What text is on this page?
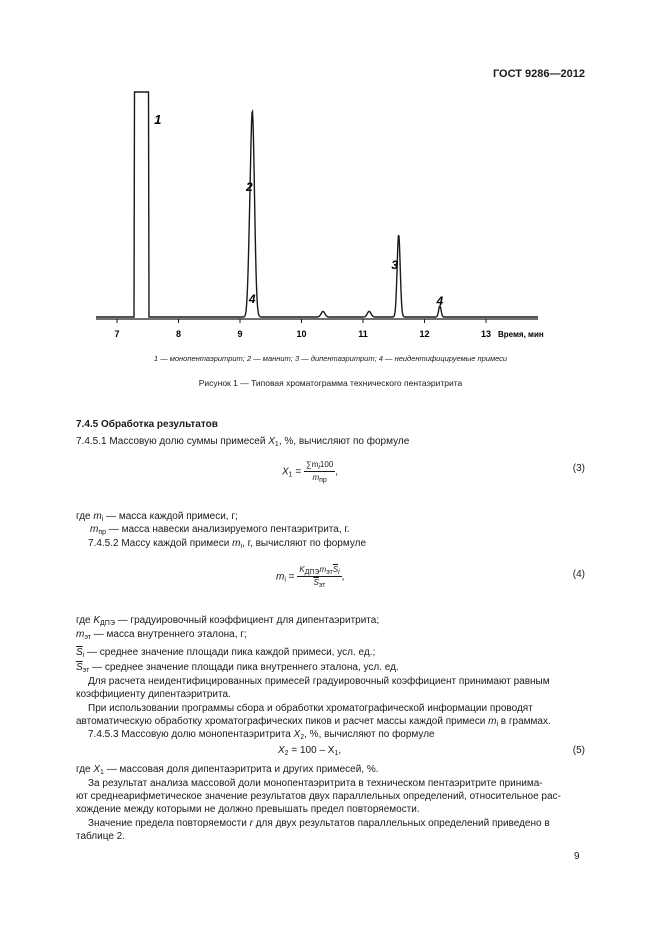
ГОСТ 9286—2012
7	8	9	10	11	12	13
1
4
2
3
4
Время, мин
1 — монопентаэритрит; 2 — маннит; 3 — дипентаэритрит; 4 — неидентифицируемые примеси
Рисунок 1 — Типовая хроматограмма технического пентаэритрита
7.4.5 Обработка результатов
7.4.5.1 Массовую долю суммы примесей $X_1$, %, вычисляют по формуле
$X_1 = \frac{\sum mi100}{\text{mпр}}$ ,	(3)
где $m_i$ — масса каждой примеси, г;
$m_{пр}$ — масса навески анализируемого пентаэритрита, г.
7.4.5.2 Массу каждой примеси $m_i$, г, вычисляют по формуле
$m_i = \frac{KДПЭmэт\overline{S}i}{\overline{S}эт}$ ,	(4)
где $K_{ДПЭ}$ — градуировочный коэффициент для дипентаэритрита;
$m_{эт}$ — масса внутреннего эталона, г;
$\overline{S}_i$ — среднее значение площади пика каждой примеси, усл. ед.;
$\overline{S}_{эт}$ — среднее значение площади пика внутреннего эталона, усл. ед.
Для расчета неидентифицированных примесей градуировочный коэффициент принимают равным
коэффициенту дипентаэритрита.
При использовании программы сбора и обработки хроматографической информации проводят
автоматическую обработку хроматографических пиков и расчет массы каждой примеси $m_i$ в граммах.
7.4.5.3 Массовую долю монопентаэритрита $X_2$, %, вычисляют по формуле
$X_2 = 100 - X_1$,	(5)
где $X_1$ — массовая доля дипентаэритрита и других примесей, %.
За результат анализа массовой доли монопентаэритрита в техническом пентаэритрите принима-
ют среднеарифметическое значение результатов двух параллельных определений, относительное рас-
хождение между которыми не должно превышать предел повторяемости.
Значение предела повторяемости r для двух результатов параллельных определений приведено в
таблице 2.
9
